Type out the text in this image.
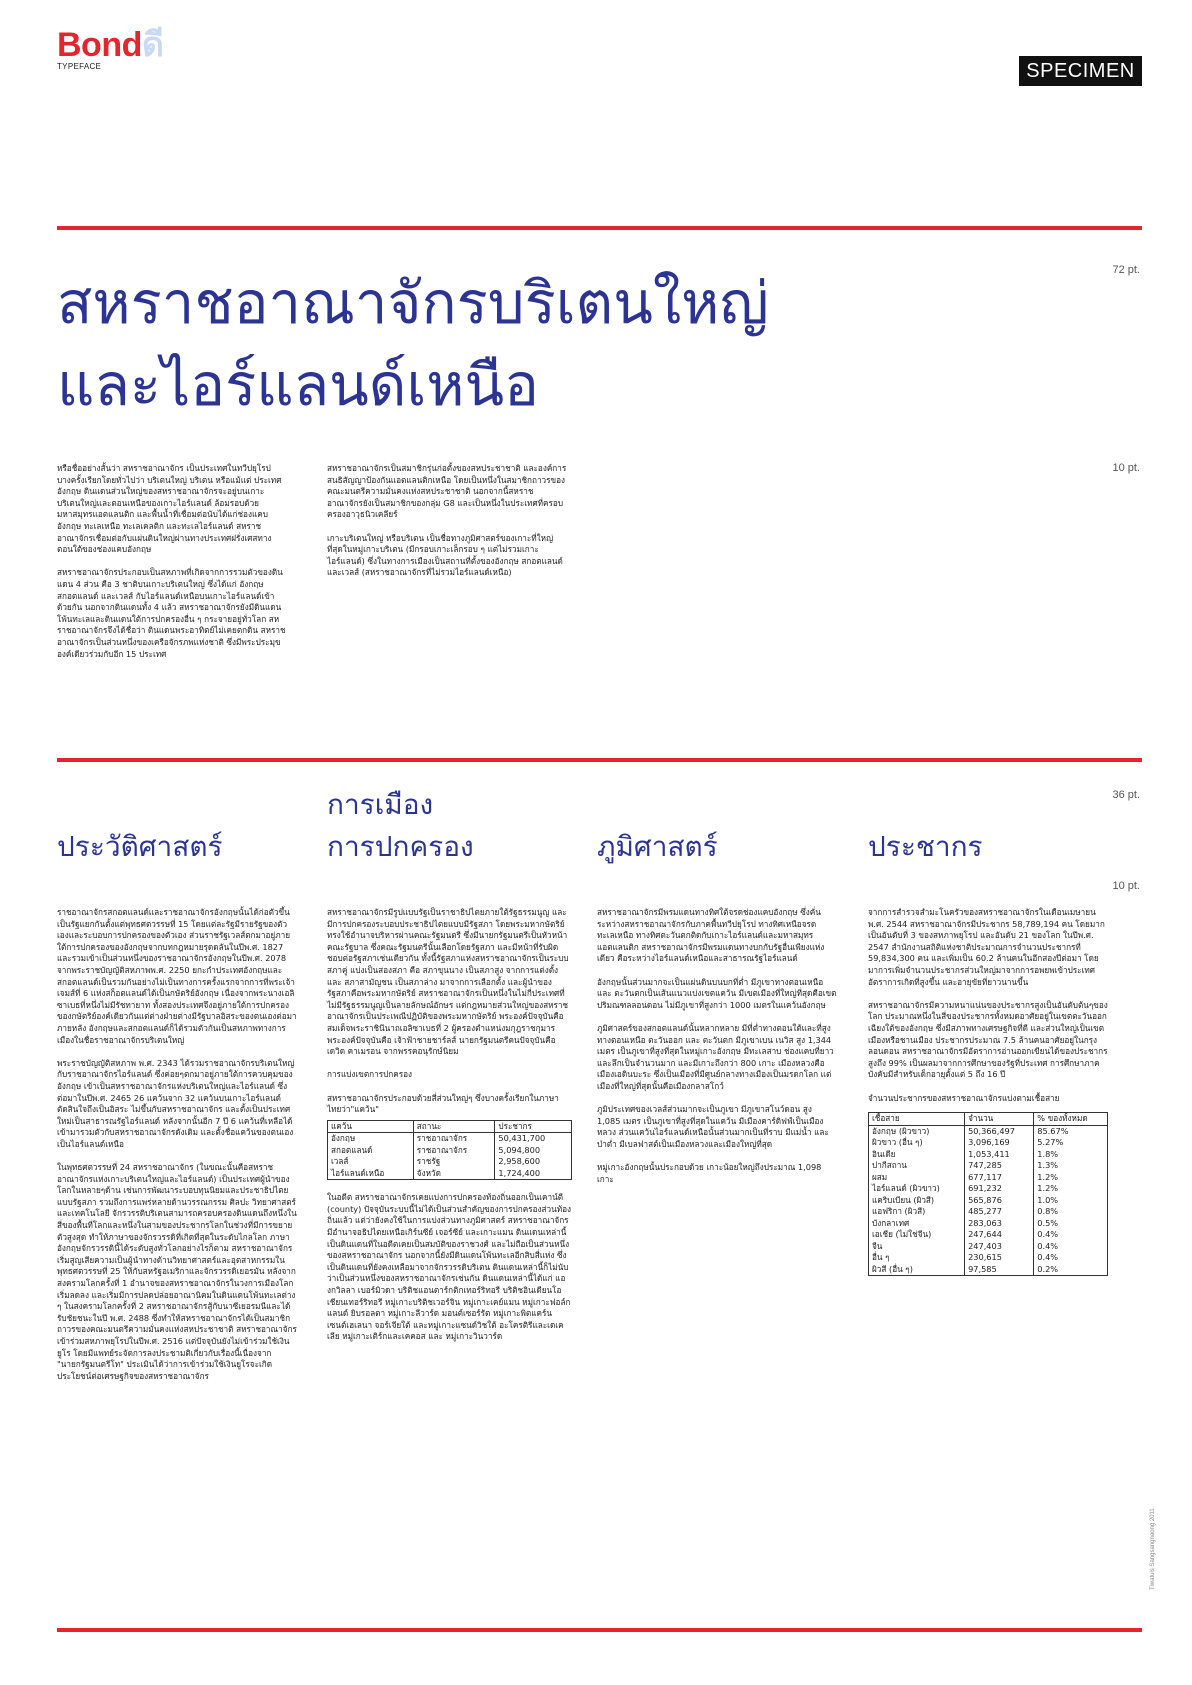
Bondดี
TYPEFACE	SPECIMEN
72 pt.
สหราชอาณาจักรบริเตนใหญ่
และไอร์แลนด์เหนือ
10 pt.

หรือชื่ออย่างสั้นว่า สหราชอาณาจักร เป็นประเทศในทวีปยุโรป บางครั้งเรียกโดยทั่วไปว่า บริเตนใหญ่ บริเตน หรือแม้แต่ ประเทศอังกฤษ ดินแดนส่วนใหญ่ของสหราชอาณาจักรจะอยู่บนเกาะบริเตนใหญ่และตอนเหนือของเกาะไอร์แลนด์ ล้อมรอบด้วยมหาสมุทรแอตแลนติก และพื้นน้ำที่เชื่อมต่อนับได้แก่ช่องแคบอังกฤษ ทะเลเหนือ ทะเลเคลติก และทะเลไอร์แลนด์ สหราชอาณาจักรเชื่อมต่อกับแผ่นดินใหญ่ผ่านทางประเทศฝรั่งเศสทางตอนใต้ของช่องแคบอังกฤษ

สหราชอาณาจักรประกอบเป็นสหภาพที่เกิดจากการรวมตัวของดินแดน 4 ส่วน คือ 3 ชาติบนเกาะบริเตนใหญ่ ซึ่งได้แก่ อังกฤษ สกอตแลนด์ และเวลส์ กับไอร์แลนด์เหนือบนเกาะไอร์แลนด์เข้าด้วยกัน นอกจากดินแดนทั้ง 4 แล้ว สหราชอาณาจักรยังมีดินแดนโพ้นทะเลและดินแดนใต้การปกครองอื่น ๆ กระจายอยู่ทั่วโลก สหราชอาณาจักรจึงได้ชื่อว่า ดินแดนพระอาทิตย์ไม่เคยตกดิน สหราชอาณาจักรเป็นส่วนหนึ่งของเครือจักรภพแห่งชาติ ซึ่งมีพระประมุของค์เดียวร่วมกับอีก 15 ประเทศ

สหราชอาณาจักรเป็นสมาชิกรุ่นก่อตั้งของสหประชาชาติ และองค์การสนธิสัญญาป้องกันแอตแลนติกเหนือ โดยเป็นหนึ่งในสมาชิกถาวรของคณะมนตรีความมั่นคงแห่งสหประชาชาติ นอกจากนี้สหราชอาณาจักรยังเป็นสมาชิกของกลุ่ม G8 และเป็นหนึ่งในประเทศที่ครอบครองอาวุธนิวเคลียร์

เกาะบริเตนใหญ่ หรือบริเตน เป็นชื่อทางภูมิศาสตร์ของเกาะที่ใหญ่ที่สุดในหมู่เกาะบริเตน (มีกรอบเกาะเล็กรอบ ๆ แต่ไม่รวมเกาะไอร์แลนด์) ซึ่งในทางการเมืองเป็นสถานที่ตั้งของอังกฤษ สกอตแลนด์ และเวลส์ (สหราชอาณาจักรที่ไม่รวมไอร์แลนด์เหนือ)

36 pt.
ประวัติศาสตร์
การเมือง
การปกครอง	ภูมิศาสตร์	ประชากร
10 pt.

ราชอาณาจักรสกอตแลนด์และราชอาณาจักรอังกฤษนั้นได้ก่อตัวขึ้นเป็นรัฐแยกกันตั้งแต่พุทธศตวรรษที่ 15 โดยแต่ละรัฐมีรายรัฐของตัวเองและระบอบการปกครองของตัวเอง ส่วนราชรัฐเวลส์ตกมาอยู่ภายใต้การปกครองของอังกฤษจากบทกฎหมายรุดดลันในปีพ.ศ. 1827 และรวมเข้าเป็นส่วนหนึ่งของราชอาณาจักรอังกฤษในปีพ.ศ. 2078 จากพระราชบัญญัติสหภาพพ.ศ. 2250 ยกะกำประเทศอังกฤษและสกอตแลนด์เป็นรวมกันอย่างไม่เป็นทางการครั้งแรกจากการที่พระเจ้าเจมส์ที่ 6 แห่งสก็อตแลนด์ได้เป็นกษัตริย์อังกฤษ เนื่องจากพระนางเอลิซาเบธที่หนึ่งไม่มีรัชทายาท ทั้งสองประเทศจึงอยู่ภายใต้การปกครองของกษัตริย์องค์เดียวกันแต่ต่างฝ่ายต่างมีรัฐบาลอิสระของตนเองต่อมาภายหลัง อังกฤษและสกอตแลนด์ก็ได้รวมตัวกันเป็นสหภาพทางการเมืองในชื่อราชอาณาจักรบริเตนใหญ่

พระราชบัญญัติสหภาพ พ.ศ. 2343 ได้รวมราชอาณาจักรบริเตนใหญ่กับราชอาณาจักรไอร์แลนด์ ซึ่งค่อยๆตกมาอยู่ภายใต้การควบคุมของอังกฤษ เข้าเป็นสหราชอาณาจักรแห่งบริเตนใหญ่และไอร์แลนด์ ซึ่งต่อมาในปีพ.ศ. 2465 26 แคว้นจาก 32 แคว้นบนเกาะไอร์แลนด์ตัดสินใจถึงเป็นอิสระ ไม่ขึ้นกับสหราชอาณาจักร และตั้งเป็นประเทศใหม่เป็นสาธารณรัฐไอร์แลนด์ หลังจากนั้นอีก 7 ปี 6 แคว้นที่เหลือได้เข้ามารวมตัวกับสหราชอาณาจักรดังเดิม และตั้งชื่อแคว้นของตนเองเป็นไอร์แลนด์เหนือ

ในพุทธศตวรรษที่ 24 สหราชอาณาจักร (ในขณะนั้นคือสหราชอาณาจักรแห่งเกาะบริเตนใหญ่และไอร์แลนด์) เป็นประเทศผู้นำของโลกในหลายๆด้าน เช่นการพัฒนาระบอบทุนนิยมและประชาธิปไตยแบบรัฐสภา รวมถึงการแพร่หลายด้านวรรณกรรม ศิลปะ วิทยาศาสตร์ และเทคโนโลยี จักรวรรดิบริเตนสามารถครอบครองดินแดนถึงหนึ่งในสี่ของพื้นที่โลกและหนึ่งในสามของประชากรโลกในช่วงที่มีการขยายตัวสูงสุด ทำให้ภาษาของจักรวรรดิที่เกิดที่สุดในระดับไกลโลก ภาษาอังกฤษจักรวรรดินี้ได้ระดับสูงทั่วโลกอย่างไรก็ตาม สหราชอาณาจักรเริ่มสูญเสียความเป็นผู้นำทางด้านวิทยาศาสตร์และอุตสาหกรรมในพุทธศตวรรษที่ 25 ให้กับสหรัฐอเมริกาและจักรวรรดิเยอรมัน หลังจากสงครามโลกครั้งที่ 1 อำนาจของสหราชอาณาจักรในวงการเมืองโลกเริ่มลดลง และเริ่มมีการปลดปล่อยอาณานิคมในดินแดนโพ้นทะเลต่าง ๆ ในสงครามโลกครั้งที่ 2 สหราชอาณาจักรสู้กับนาซีเยอรมนีและได้รับชัยชนะในปี พ.ศ. 2488 ซึ่งทำให้สหราชอาณาจักรได้เป็นสมาชิกถาวรของคณะมนตรีความมั่นคงแห่งสหประชาชาติ สหราชอาณาจักรเข้าร่วมสหภาพยุโรปในปีพ.ศ. 2516 แต่ปัจจุบันยังไม่เข้าร่วมใช้เงินยูโร โดยมีแพทย์ระจัดการลงประชามติเกี่ยวกับเรื่องนี้เนื่องจาก "นายกรัฐมนตรีโท" ประเมินได้ว่าการเข้าร่วมใช้เงินยูโรจะเกิดประโยชน์ต่อเศรษฐกิจของสหราชอาณาจักร

สหราชอาณาจักรมีรูปแบบรัฐเป็นราชาธิปไตยภายใต้รัฐธรรมนูญ และมีการปกครองระบอบประชาธิปไตยแบบมีรัฐสภา โดยพระมหากษัตริย์ทรงใช้อำนาจบริหารผ่านคณะรัฐมนตรี ซึ่งมีนายกรัฐมนตรีเป็นหัวหน้าคณะรัฐบาล ซึ่งคณะรัฐมนตรีนั้นเลือกโดยรัฐสภา และมีหน้าที่รับผิดชอบต่อรัฐสภาเช่นเดียวกัน ทั้งนี้รัฐสภาแห่งสหราชอาณาจักรเป็นระบบสภาคู่ แบ่งเป็นสองสภา คือ สภาขุนนาง เป็นสภาสูง จากการแต่งตั้ง และ สภาสามัญชน เป็นสภาล่าง มาจากการเลือกตั้ง และผู้นำของรัฐสภาคือพระมหากษัตริย์ สหราชอาณาจักรเป็นหนึ่งในไม่กี่ประเทศที่ไม่มีรัฐธรรมนูญเป็นลายลักษณ์อักษร แต่กฎหมายส่วนใหญ่ของสหราชอาณาจักรเป็นประเพณีปฏิบัติของพระมหากษัตริย์ พระองค์ปัจจุบันคือ สมเด็จพระราชินีนาถเอลิซาเบธที่ 2 ผู้ครองตำแหน่งมกุฎราชกุมารพระองค์ปัจจุบันคือ เจ้าฟ้าชายชาร์ลส์ นายกรัฐมนตรีคนปัจจุบันคือ เดวิด คาเมรอน จากพรรคอนุรักษ์นิยม

การแบ่งเขตการปกครอง

สหราชอาณาจักรประกอบด้วยสี่ส่วนใหญ่ๆ ซึ่งบางครั้งเรียกในภาษาไทยว่า"แคว้น"

แคว้น	สถานะ	ประชากร
อังกฤษ	ราชอาณาจักร	50,431,700
สกอตแลนด์	ราชอาณาจักร	5,094,800
เวลส์	ราชรัฐ	2,958,600
ไอร์แลนด์เหนือ	จังหวัด	1,724,400

ในอดีต สหราชอาณาจักรเคยแบ่งการปกครองท้องถิ่นออกเป็นเคาน์ตี (county) ปัจจุบันระบบนี้ไม่ได้เป็นส่วนสำคัญของการปกครองส่วนท้องถิ่นแล้ว แต่ว่ายังคงใช้ในการแบ่งส่วนทางภูมิศาสตร์ สหราชอาณาจักรมีอำนาจอธิปไตยเหนือเกิร์นซีย์ เจอร์ซีย์ และเกาะแมน ดินแดนเหล่านี้เป็นดินแดนที่ในอดีตเคยเป็นสมบัติของราชวงศ์ และไม่ถือเป็นส่วนหนึ่งของสหราชอาณาจักร นอกจากนี้ยังมีดินแดนโพ้นทะเลอีกสิบสี่แห่ง ซึ่งเป็นดินแดนที่ยังคงเหลือมาจากจักรวรรดิบริเตน ดินแดนเหล่านี้ก็ไม่นับว่าเป็นส่วนหนึ่งของสหราชอาณาจักรเช่นกัน ดินแดนเหล่านี้ได้แก่ แองกวิลลา เบอร์มิวดา บริติชแอนตาร์กติกเทอร์ริทอรี บริติชอินเดียนโอเชียนเทอร์ริทอรี หมู่เกาะบริติชเวอร์จิน หมู่เกาะเคย์แมน หมู่เกาะฟอล์กแลนด์ ยิบรอลตา หมู่เกาะลีวาร์ด มอนต์เซอร์รัต หมู่เกาะพิตแคร์น เซนต์เฮเลนา จอร์เจียใต้ และหมู่เกาะแซนด์วิชใต้ อะโครติรีและเดเคเลีย หมู่เกาะเติร์กและเคคอส และ หมู่เกาะวินวาร์ด

สหราชอาณาจักรมีพรมแดนทางทิศใต้จรดช่องแคบอังกฤษ ซึ่งคั่นระหว่างสหราชอาณาจักรกับภาคพื้นทวีปยุโรป ทางทิศเหนือจรดทะเลเหนือ ทางทิศตะวันตกติดกับเกาะไอร์แลนด์และมหาสมุทรแอตแลนติก สหราชอาณาจักรมีพรมแดนทางบกกับรัฐอื่นเพียงแห่งเดียว คือระหว่างไอร์แลนด์เหนือและสาธารณรัฐไอร์แลนด์

อังกฤษนั้นส่วนมากจะเป็นแผ่นดินบนบกที่ต่ำ มีภูเขาทางตอนเหนือ และ ตะวันตกเป็นเส้นแนวแบ่งเขตแคว้น มีเขตเมืองที่ใหญ่ที่สุดคือเขตปริมณฑลลอนดอน ไม่มีภูเขาที่สูงกว่า 1000 เมตรในแคว้นอังกฤษ

ภูมิศาสตร์ของสกอตแลนด์นั้นหลากหลาย มีที่ต่ำทางตอนใต้และที่สูงทางตอนเหนือ ตะวันออก และ ตะวันตก มีภูเขาเบน เนวิส สูง 1,344 เมตร เป็นภูเขาที่สูงที่สุดในหมู่เกาะอังกฤษ มีทะเลสาบ ช่องแคบที่ยาวและลึกเป็นจำนวนมาก และมีเกาะถึงกว่า 800 เกาะ เมืองหลวงคือเมืองเอดินบะระ ซึ่งเป็นเมืองที่มีศูนย์กลางทางเมืองเป็นมรดกโลก แต่เมืองที่ใหญ่ที่สุดนั้นคือเมืองกลาสโกว์

ภูมิประเทศของเวลส์ส่วนมากจะเป็นภูเขา มีภูเขาสโนว์ดอน สูง 1,085 เมตร เป็นภูเขาที่สูงที่สุดในแคว้น มีเมืองคาร์ดิฟฟ์เป็นเมืองหลวง ส่วนแคว้นไอร์แลนด์เหนือนั้นส่วนมากเป็นที่ราบ มีแม่น้ำ และป่าต่ำ มีเบลฟาสต์เป็นเมืองหลวงและเมืองใหญ่ที่สุด

หมู่เกาะอังกฤษนั้นประกอบด้วย เกาะน้อยใหญ่ถึงประมาณ 1,098 เกาะ

จากการสำรวจสำมะโนครัวของสหราชอาณาจักรในเดือนเมษายน พ.ศ. 2544 สหราชอาณาจักรมีประชากร 58,789,194 คน โดยมากเป็นอันดับที่ 3 ของสหภาพยุโรป และอันดับ 21 ของโลก ในปีพ.ศ. 2547 สำนักงานสถิติแห่งชาติประมาณการจำนวนประชากรที่ 59,834,300 คน และเพิ่มเป็น 60.2 ล้านคนในอีกสองปีต่อมา โดยมาการเพิ่มจำนวนประชากรส่วนใหญ่มาจากการอพยพเข้าประเทศ อัตราการเกิดที่สูงขึ้น และอายุขัยที่ยาวนานขึ้น

สหราชอาณาจักรมีความหนาแน่นของประชากรสูงเป็นอันดับต้นๆของโลก ประมาณหนึ่งในสี่ของประชากรทั้งหมดอาศัยอยู่ในเขตตะวันออกเฉียงใต้ของอังกฤษ ซึ่งมีสภาพทางเศรษฐกิจที่ดี และส่วนใหญ่เป็นเขตเมืองหรือชานเมือง ประชากรประมาณ 7.5 ล้านคนอาศัยอยู่ในกรุงลอนดอน สหราชอาณาจักรมีอัตราการอ่านออกเขียนได้ของประชากรสูงถึง 99% เป็นผลมาจากการศึกษาของรัฐที่ประเทศ การศึกษาภาคบังคับมีสำหรับเด็กอายุตั้งแต่ 5 ถึง 16 ปี

จำนวนประชากรของสหราชอาณาจักรแบ่งตามเชื้อสาย

เชื้อสาย	จำนวน	% ของทั้งหมด
อังกฤษ (ผิวขาว)	50,366,497	85.67%
ผิวขาว (อื่น ๆ)	3,096,169	5.27%
อินเดีย	1,053,411	1.8%
ปากีสถาน	747,285	1.3%
ผสม	677,117	1.2%
ไอร์แลนด์ (ผิวขาว)	691,232	1.2%
แคริบเบียน (ผิวสี)	565,876	1.0%
แอฟริกา (ผิวสี)	485,277	0.8%
บังกลาเทศ	283,063	0.5%
เอเชีย (ไม่ใช่จีน)	247,644	0.4%
จีน	247,403	0.4%
อื่น ๆ	230,615	0.4%
ผิวสี (อื่น ๆ)	97,585	0.2%
Tiwatuis Sangsangnaong 2011
